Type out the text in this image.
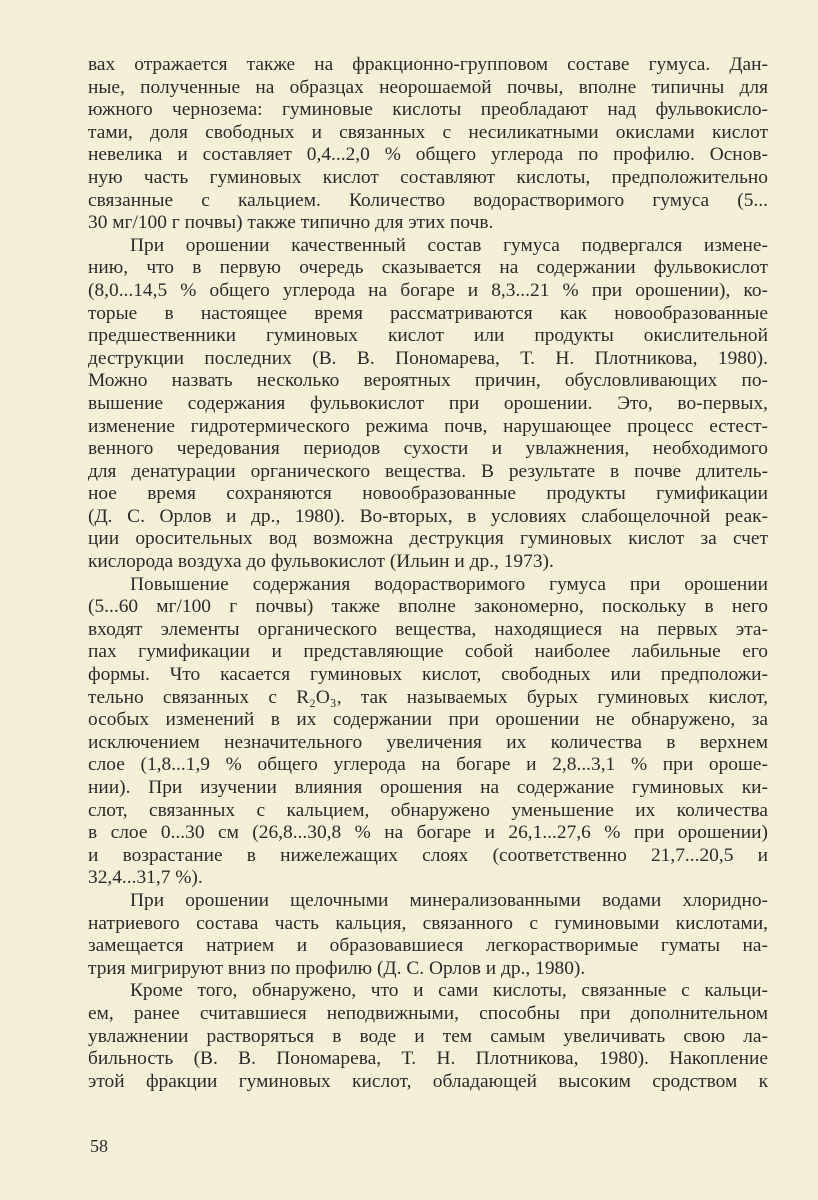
вах отражается также на фракционно-групповом составе гумуса. Дан-
ные, полученные на образцах неорошаемой почвы, вполне типичны для
южного чернозема: гуминовые кислоты преобладают над фульвокисло-
тами, доля свободных и связанных с несиликатными окислами кислот
невелика и составляет 0,4...2,0 % общего углерода по профилю. Основ-
ную часть гуминовых кислот составляют кислоты, предположительно
связанные с кальцием. Количество водорастворимого гумуса (5...
30 мг/100 г почвы) также типично для этих почв.
При орошении качественный состав гумуса подвергался измене-
нию, что в первую очередь сказывается на содержании фульвокислот
(8,0...14,5 % общего углерода на богаре и 8,3...21 % при орошении), ко-
торые в настоящее время рассматриваются как новообразованные
предшественники гуминовых кислот или продукты окислительной
деструкции последних (В. В. Пономарева, Т. Н. Плотникова, 1980).
Можно назвать несколько вероятных причин, обусловливающих по-
вышение содержания фульвокислот при орошении. Это, во-первых,
изменение гидротермического режима почв, нарушающее процесс естест-
венного чередования периодов сухости и увлажнения, необходимого
для денатурации органического вещества. В результате в почве длитель-
ное время сохраняются новообразованные продукты гумификации
(Д. С. Орлов и др., 1980). Во-вторых, в условиях слабощелочной реак-
ции оросительных вод возможна деструкция гуминовых кислот за счет
кислорода воздуха до фульвокислот (Ильин и др., 1973).
Повышение содержания водорастворимого гумуса при орошении
(5...60 мг/100 г почвы) также вполне закономерно, поскольку в него
входят элементы органического вещества, находящиеся на первых эта-
пах гумификации и представляющие собой наиболее лабильные его
формы. Что касается гуминовых кислот, свободных или предположи-
тельно связанных с R₂O₃, так называемых бурых гуминовых кислот,
особых изменений в их содержании при орошении не обнаружено, за
исключением незначительного увеличения их количества в верхнем
слое (1,8...1,9 % общего углерода на богаре и 2,8...3,1 % при ороше-
нии). При изучении влияния орошения на содержание гуминовых ки-
слот, связанных с кальцием, обнаружено уменьшение их количества
в слое 0...30 см (26,8...30,8 % на богаре и 26,1...27,6 % при орошении)
и возрастание в нижележащих слоях (соответственно 21,7...20,5 и
32,4...31,7 %).
При орошении щелочными минерализованными водами хлоридно-
натриевого состава часть кальция, связанного с гуминовыми кислотами,
замещается натрием и образовавшиеся легкорастворимые гуматы на-
трия мигрируют вниз по профилю (Д. С. Орлов и др., 1980).
Кроме того, обнаружено, что и сами кислоты, связанные с кальци-
ем, ранее считавшиеся неподвижными, способны при дополнительном
увлажнении растворяться в воде и тем самым увеличивать свою ла-
бильность (В. В. Пономарева, Т. Н. Плотникова, 1980). Накопление
этой фракции гуминовых кислот, обладающей высоким сродством к
58
